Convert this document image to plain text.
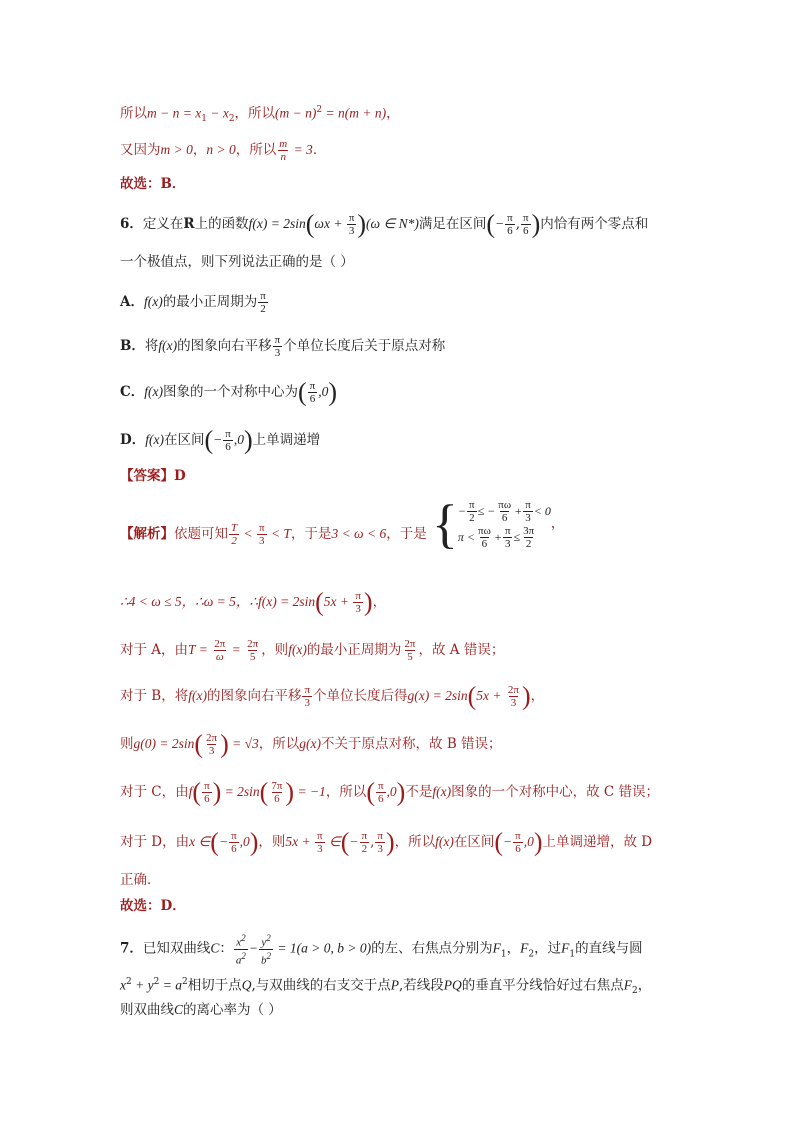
所以$m - n = x_1 - x_2$，所以$(m - n)^2 = n(m + n)$，
又因为m > 0，n > 0，所以 $\frac{m}{n} = 3$．
故选：B．
6．定义在R上的函数$f(x) = 2\sin(\omega x + \frac{\pi}{3} )(\omega$ ∈ N*)满足在区间(− $\frac{\pi}{6}$ , $\frac{\pi}{6}$ )内恰有两个零点和
一个极值点，则下列说法正确的是（ ）
A．f(x)的最小正周期为 $\frac{\pi}{2}$
B．将f(x)的图象向右平移 $\frac{\pi}{3}$ 个单位长度后关于原点对称
C．f(x)图象的一个对称中心为( $\frac{\pi}{6} ,0$)
D．f(x)在区间(− $\frac{\pi}{6} ,0$)上单调递增
【答案】D
【解析】依题可知 $\frac{T}{2} < \frac{\pi}{3} < T$，于是3 < ω < 6，于是 { − $\frac{\pi}{2}$ ≤ − $\frac{\pi\omega}{6} + \frac{\pi}{3} < 0$
$\pi < \frac{\pi\omega}{6} + \frac{\pi}{3} \le \frac{3\pi}{2}$
，
∴4 < ω ≤ 5，∴ω = 5，∴f(x) = $2\sin(5x + \frac{\pi}{3}$ )，
对于 A，由$T = \frac{2\pi}{\omega} = \frac{2\pi}{5}$ ，则f(x)的最小正周期为 $\frac{2\pi}{5}$ ，故 A 错误；
对于 B，将f(x)的图象向右平移 $\frac{\pi}{3}$ 个单位长度后得$g(x) = 2\sin(5x + \frac{2\pi}{3}$ )，
则$g(0) = 2\sin( \frac{2\pi}{3}$ ) = √3，所以g(x)不关于原点对称，故 B 错误；
对于 C，由$f( \frac{\pi}{6}$ ) = $2\sin( \frac{7\pi}{6}$ ) = −1，所以( $\frac{\pi}{6} ,0$)不是f(x)图象的一个对称中心，故 C 错误；
对于 D，由x ∈(− $\frac{\pi}{6} ,0$)，则$5x + \frac{\pi}{3}$ ∈(− $\frac{\pi}{2}$ , $\frac{\pi}{3}$ )，所以f(x)在区间(− $\frac{\pi}{6} ,0$)上单调递增，故 D
正确．
故选：D．
7．已知双曲线C： $\frac{x^2}{a^2} - \frac{y^2}{b^2} = 1(a > 0$, b > 0)的左、右焦点分别为$F_1$，$F_2$，过$F_1$的直线与圆
$x^2 + y^2 = a^2$相切于点Q,与双曲线的右支交于点P,若线段PQ的垂直平分线恰好过右焦点$F_2$，
则双曲线C的离心率为（ ）
